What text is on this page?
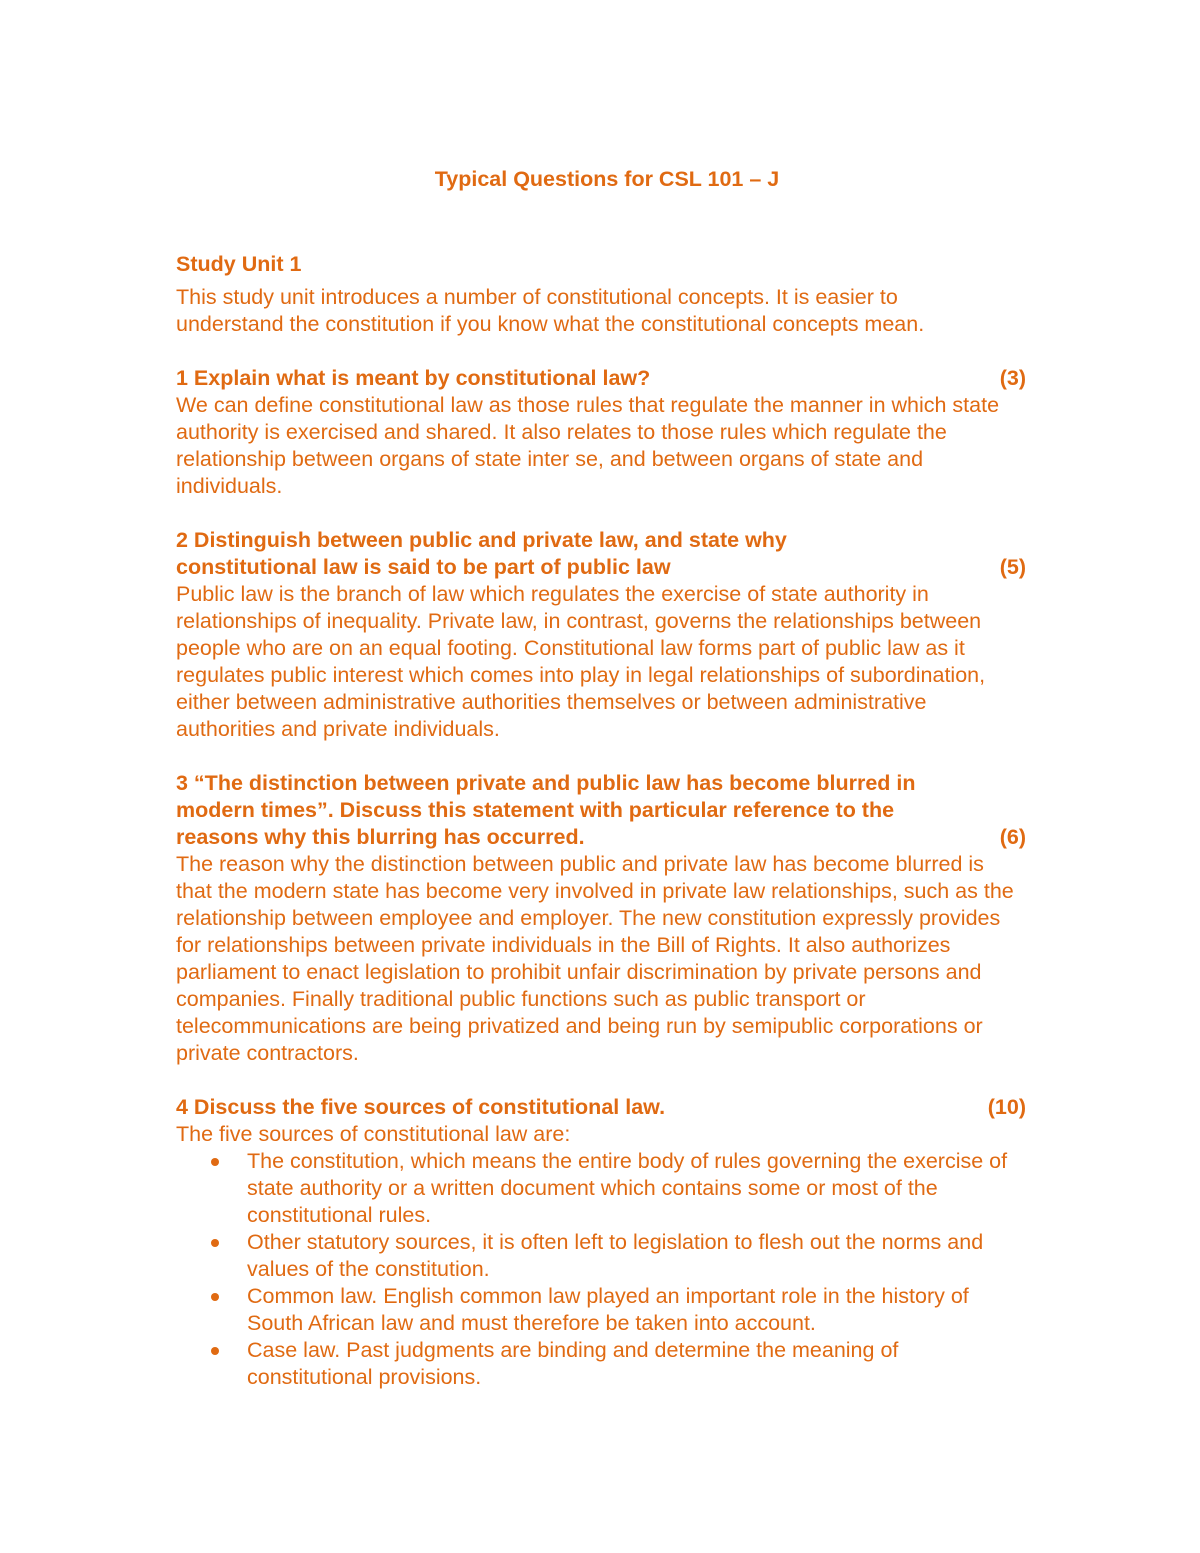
Typical Questions for CSL 101 – J
Study Unit 1
This study unit introduces a number of constitutional concepts. It is easier to understand the constitution if you know what the constitutional concepts mean.
1 Explain what is meant by constitutional law?	(3)

We can define constitutional law as those rules that regulate the manner in which state authority is exercised and shared. It also relates to those rules which regulate the relationship between organs of state inter se, and between organs of state and individuals.

2 Distinguish between public and private law, and state why constitutional law is said to be part of public law	(5)

Public law is the branch of law which regulates the exercise of state authority in relationships of inequality. Private law, in contrast, governs the relationships between people who are on an equal footing. Constitutional law forms part of public law as it regulates public interest which comes into play in legal relationships of subordination, either between administrative authorities themselves or between administrative authorities and private individuals.

3 “The distinction between private and public law has become blurred in modern times”. Discuss this statement with particular reference to the reasons why this blurring has occurred.	(6)

The reason why the distinction between public and private law has become blurred is that the modern state has become very involved in private law relationships, such as the relationship between employee and employer. The new constitution expressly provides for relationships between private individuals in the Bill of Rights. It also authorizes parliament to enact legislation to prohibit unfair discrimination by private persons and companies. Finally traditional public functions such as public transport or telecommunications are being privatized and being run by semipublic corporations or private contractors.

4 Discuss the five sources of constitutional law.	(10)

The five sources of constitutional law are:

The constitution, which means the entire body of rules governing the exercise of state authority or a written document which contains some or most of the constitutional rules.
Other statutory sources, it is often left to legislation to flesh out the norms and values of the constitution.
Common law. English common law played an important role in the history of South African law and must therefore be taken into account.
Case law. Past judgments are binding and determine the meaning of constitutional provisions.
